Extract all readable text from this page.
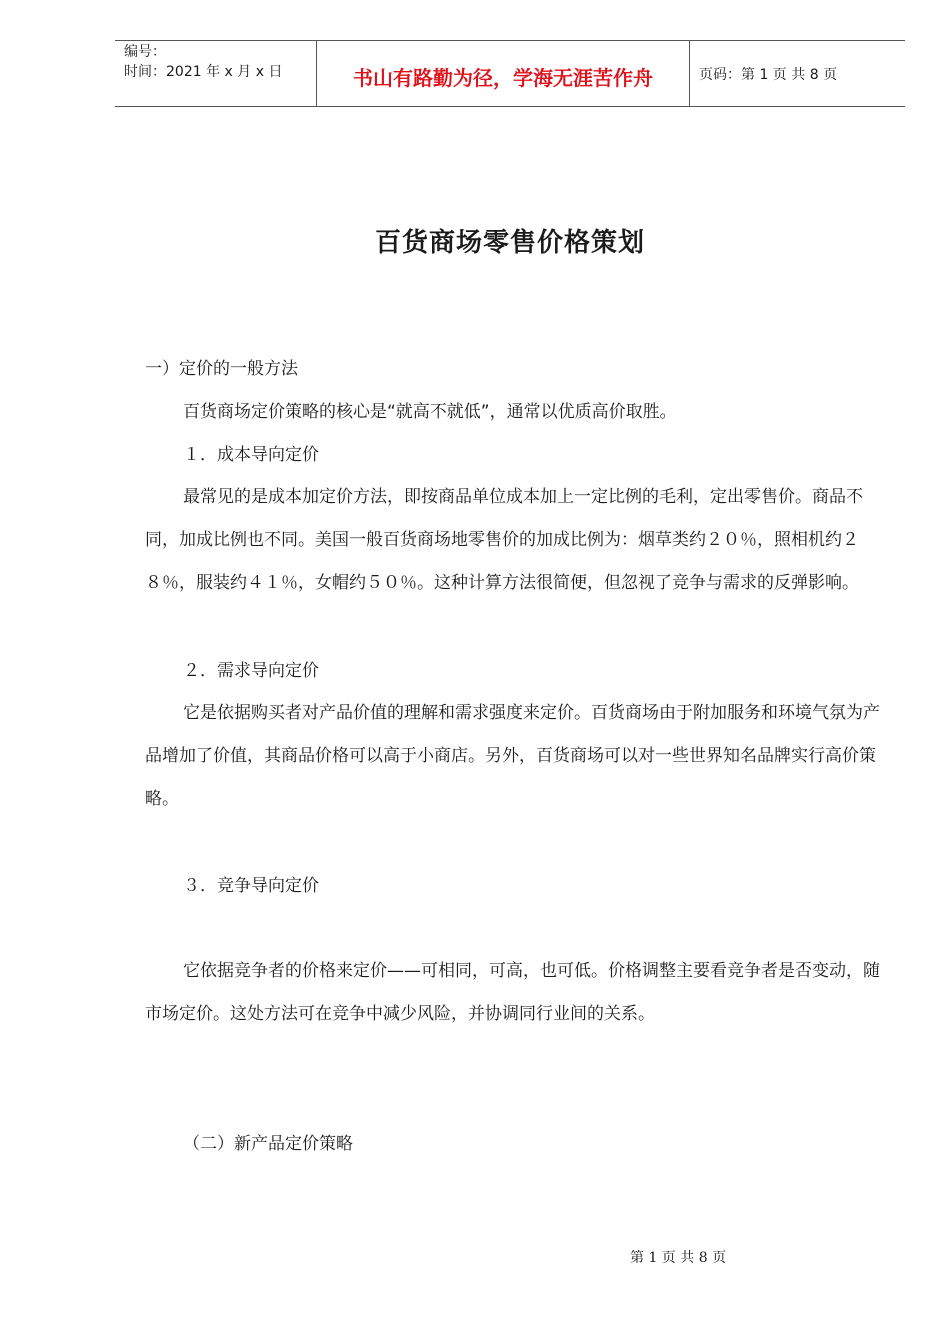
编号：
时间：2021 年 x 月 x 日	书山有路勤为径，学海无涯苦作舟	页码：第 1 页 共 8 页
百货商场零售价格策划
一）定价的一般方法
百货商场定价策略的核心是“就高不就低”，通常以优质高价取胜。
１．成本导向定价
最常见的是成本加定价方法，即按商品单位成本加上一定比例的毛利，定出零售价。商品不同，加成比例也不同。美国一般百货商场地零售价的加成比例为：烟草类约２０％，照相机约２８％，服装约４１％，女帽约５０％。这种计算方法很简便，但忽视了竞争与需求的反弹影响。
２．需求导向定价
它是依据购买者对产品价值的理解和需求强度来定价。百货商场由于附加服务和环境气氛为产品增加了价值，其商品价格可以高于小商店。另外，百货商场可以对一些世界知名品牌实行高价策略。
３．竞争导向定价
它依据竞争者的价格来定价——可相同，可高，也可低。价格调整主要看竞争者是否变动，随市场定价。这处方法可在竞争中减少风险，并协调同行业间的关系。
（二）新产品定价策略
第 1 页 共 8 页
